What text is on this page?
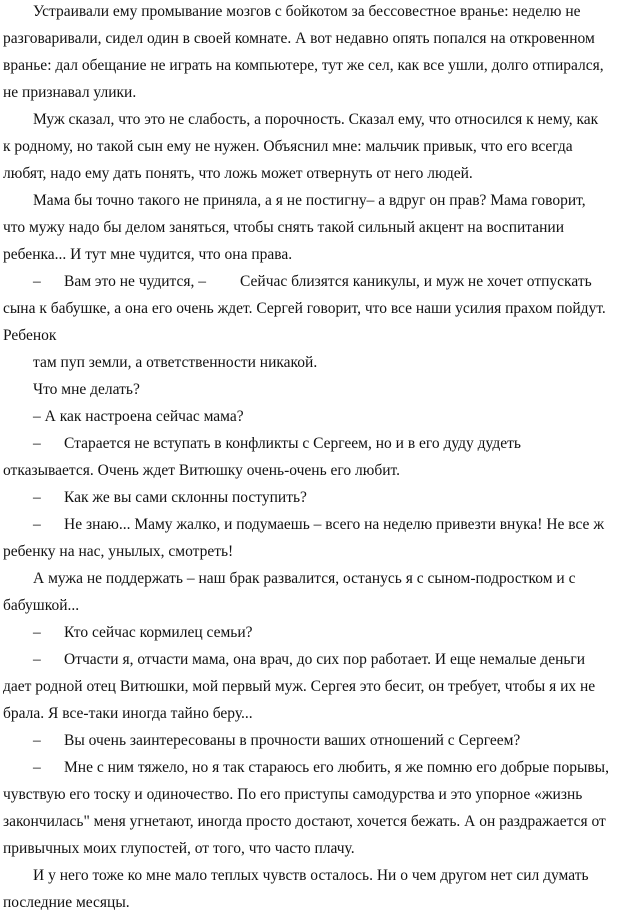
Устраивали ему промывание мозгов с бойкотом за бессовестное вранье: неделю не
разговаривали, сидел один в своей комнате. А вот недавно опять попался на откровенном
вранье: дал обещание не играть на компьютере, тут же сел, как все ушли, долго отпирался,
не признавал улики.
Муж сказал, что это не слабость, а порочность. Сказал ему, что относился к нему, как
к родному, но такой сын ему не нужен. Объяснил мне: мальчик привык, что его всегда
любят, надо ему дать понять, что ложь может отвернуть от него людей.
Мама бы точно такого не приняла, а я не постигну– а вдруг он прав? Мама говорит,
что мужу надо бы делом заняться, чтобы снять такой сильный акцент на воспитании
ребенка... И тут мне чудится, что она права.
– Вам это не чудится, – Сейчас близятся каникулы, и муж не хочет отпускать
сына к бабушке, а она его очень ждет. Сергей говорит, что все наши усилия прахом пойдут.
Ребенок
там пуп земли, а ответственности никакой.
Что мне делать?
– А как настроена сейчас мама?
– Старается не вступать в конфликты с Сергеем, но и в его дуду дудеть
отказывается. Очень ждет Витюшку очень-очень его любит.
– Как же вы сами склонны поступить?
– Не знаю... Маму жалко, и подумаешь – всего на неделю привезти внука! Не все ж
ребенку на нас, унылых, смотреть!
А мужа не поддержать – наш брак развалится, останусь я с сыном-подростком и с
бабушкой...
– Кто сейчас кормилец семьи?
– Отчасти я, отчасти мама, она врач, до сих пор работает. И еще немалые деньги
дает родной отец Витюшки, мой первый муж. Сергея это бесит, он требует, чтобы я их не
брала. Я все-таки иногда тайно беру...
– Вы очень заинтересованы в прочности ваших отношений с Сергеем?
– Мне с ним тяжело, но я так стараюсь его любить, я же помню его добрые порывы,
чувствую его тоску и одиночество. По его приступы самодурства и это упорное «жизнь
закончилась" меня угнетают, иногда просто достают, хочется бежать. А он раздражается от
привычных моих глупостей, от того, что часто плачу.
И у него тоже ко мне мало теплых чувств осталось. Ни о чем другом нет сил думать
последние месяцы.
